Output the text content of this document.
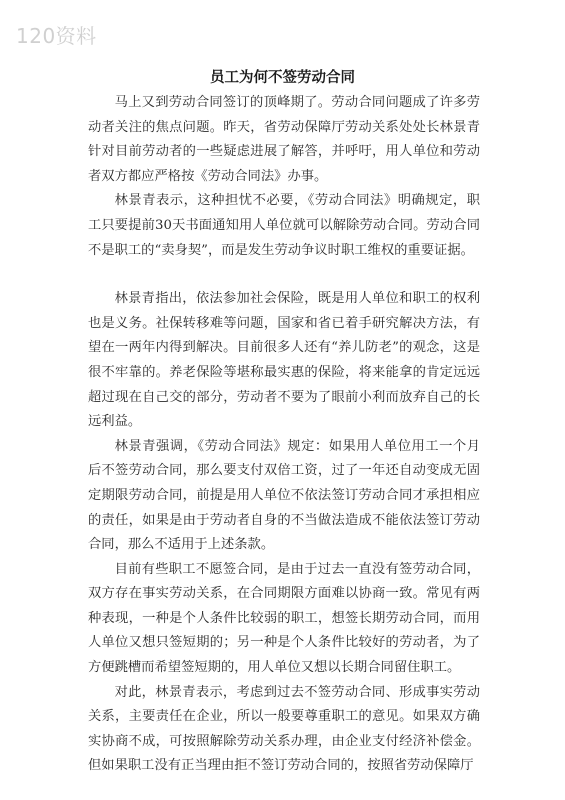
120资料
员工为何不签劳动合同

马上又到劳动合同签订的顶峰期了。劳动合同问题成了许多劳动者关注的焦点问题。昨天，省劳动保障厅劳动关系处处长林景青针对目前劳动者的一些疑虑进展了解答，并呼吁，用人单位和劳动者双方都应严格按《劳动合同法》办事。

林景青表示，这种担忧不必要，《劳动合同法》明确规定，职工只要提前30天书面通知用人单位就可以解除劳动合同。劳动合同不是职工的“卖身契”，而是发生劳动争议时职工维权的重要证据。

林景青指出，依法参加社会保险，既是用人单位和职工的权利也是义务。社保转移难等问题，国家和省已着手研究解决方法，有望在一两年内得到解决。目前很多人还有“养儿防老”的观念，这是很不牢靠的。养老保险等堪称最实惠的保险，将来能拿的肯定远远超过现在自己交的部分，劳动者不要为了眼前小利而放弃自己的长远利益。

林景青强调，《劳动合同法》规定：如果用人单位用工一个月后不签劳动合同，那么要支付双倍工资，过了一年还自动变成无固定期限劳动合同，前提是用人单位不依法签订劳动合同才承担相应的责任，如果是由于劳动者自身的不当做法造成不能依法签订劳动合同，那么不适用于上述条款。

目前有些职工不愿签合同，是由于过去一直没有签劳动合同，双方存在事实劳动关系，在合同期限方面难以协商一致。常见有两种表现，一种是个人条件比较弱的职工，想签长期劳动合同，而用人单位又想只签短期的；另一种是个人条件比较好的劳动者，为了方便跳槽而希望签短期的，用人单位又想以长期合同留住职工。

对此，林景青表示，考虑到过去不签劳动合同、形成事实劳动关系，主要责任在企业，所以一般要尊重职工的意见。如果双方确实协商不成，可按照解除劳动关系办理，由企业支付经济补偿金。但如果职工没有正当理由拒不签订劳动合同的，按照省劳动保障厅
